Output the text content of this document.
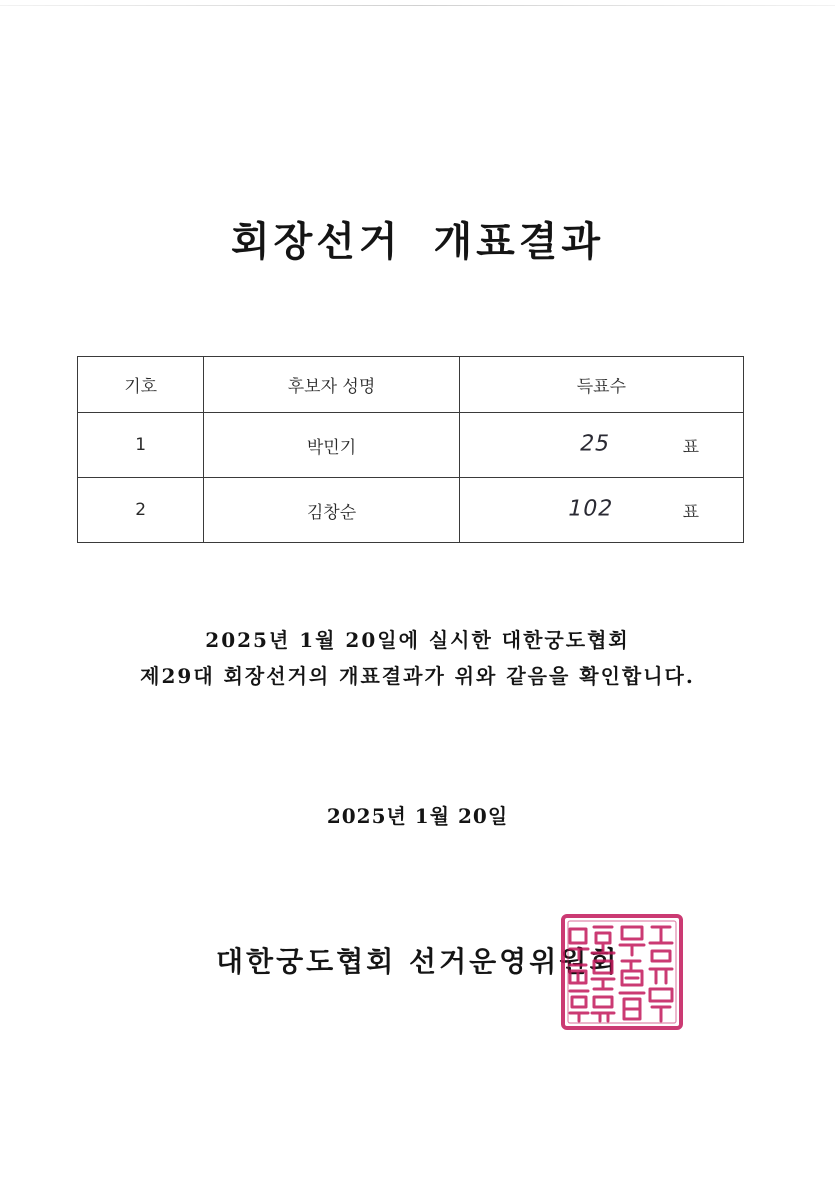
회장선거 개표결과
기호	후보자 성명	득표수
1	박민기	25 표

2	김창순	102 표
2025년 1월 20일에 실시한 대한궁도협회
제29대 회장선거의 개표결과가 위와 같음을 확인합니다.
2025년 1월 20일
대한궁도협회 선거운영위원회
